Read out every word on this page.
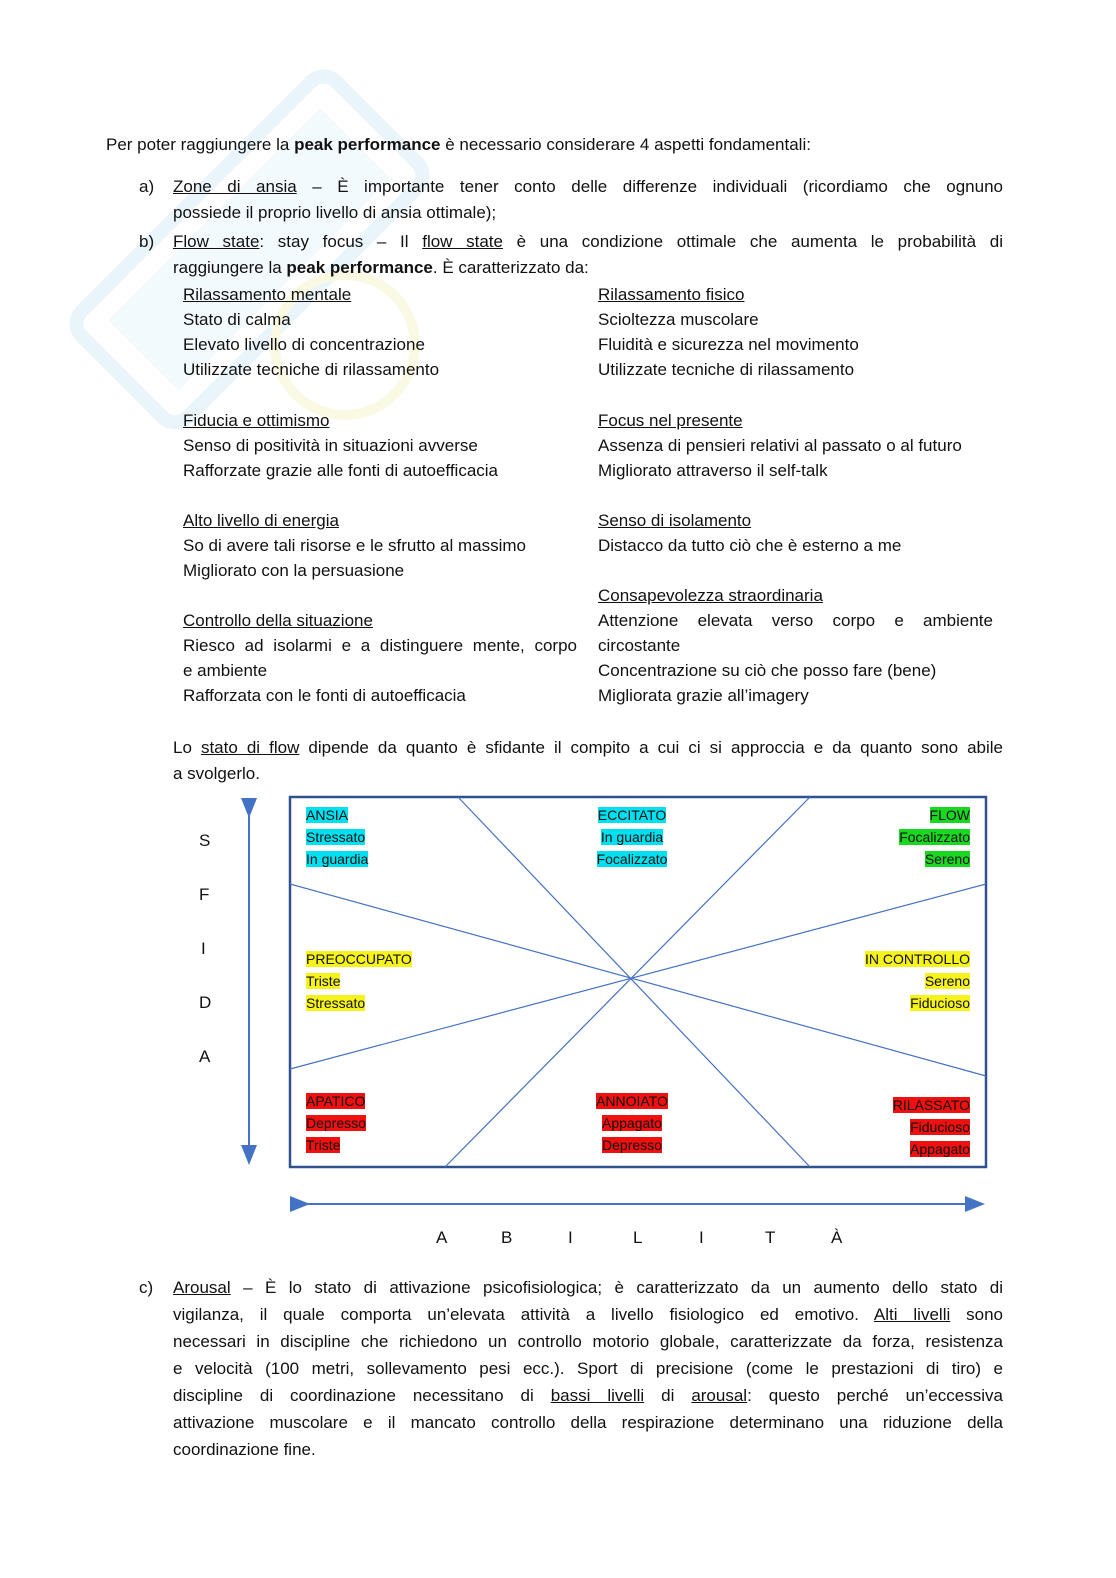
Per poter raggiungere la peak performance è necessario considerare 4 aspetti fondamentali:
a) Zone di ansia – È importante tener conto delle differenze individuali (ricordiamo che ognuno
possiede il proprio livello di ansia ottimale);
b) Flow state: stay focus – Il flow state è una condizione ottimale che aumenta le probabilità di
raggiungere la peak performance. È caratterizzato da:
Rilassamento mentale
Stato di calma
Elevato livello di concentrazione
Utilizzate tecniche di rilassamento
Fiducia e ottimismo
Senso di positività in situazioni avverse
Rafforzate grazie alle fonti di autoefficacia
Alto livello di energia
So di avere tali risorse e le sfrutto al massimo
Migliorato con la persuasione
Controllo della situazione
Riesco ad isolarmi e a distinguere mente, corpo
e ambiente
Rafforzata con le fonti di autoefficacia
Rilassamento fisico
Scioltezza muscolare
Fluidità e sicurezza nel movimento
Utilizzate tecniche di rilassamento
Focus nel presente
Assenza di pensieri relativi al passato o al futuro
Migliorato attraverso il self-talk
Senso di isolamento
Distacco da tutto ciò che è esterno a me
Consapevolezza straordinaria
Attenzione elevata verso corpo e ambiente
circostante
Concentrazione su ciò che posso fare (bene)
Migliorata grazie all’imagery
Lo stato di flow dipende da quanto è sfidante il compito a cui ci si approccia e da quanto sono abile
a svolgerlo.
S
F
I
D
A
A	B	I	L	I	T	À
ANSIA
Stressato
In guardia
ECCITATO
In guardia
Focalizzato
FLOW
Focalizzato
Sereno
PREOCCUPATO
Triste
Stressato
IN CONTROLLO
Sereno
Fiducioso
APATICO
Depresso
Triste
ANNOIATO
Appagato
Depresso
RILASSATO
Fiducioso
Appagato
c) Arousal – È lo stato di attivazione psicofisiologica; è caratterizzato da un aumento dello stato di
vigilanza, il quale comporta un’elevata attività a livello fisiologico ed emotivo. Alti livelli sono
necessari in discipline che richiedono un controllo motorio globale, caratterizzate da forza, resistenza
e velocità (100 metri, sollevamento pesi ecc.). Sport di precisione (come le prestazioni di tiro) e
discipline di coordinazione necessitano di bassi livelli di arousal: questo perché un’eccessiva
attivazione muscolare e il mancato controllo della respirazione determinano una riduzione della
coordinazione fine.
